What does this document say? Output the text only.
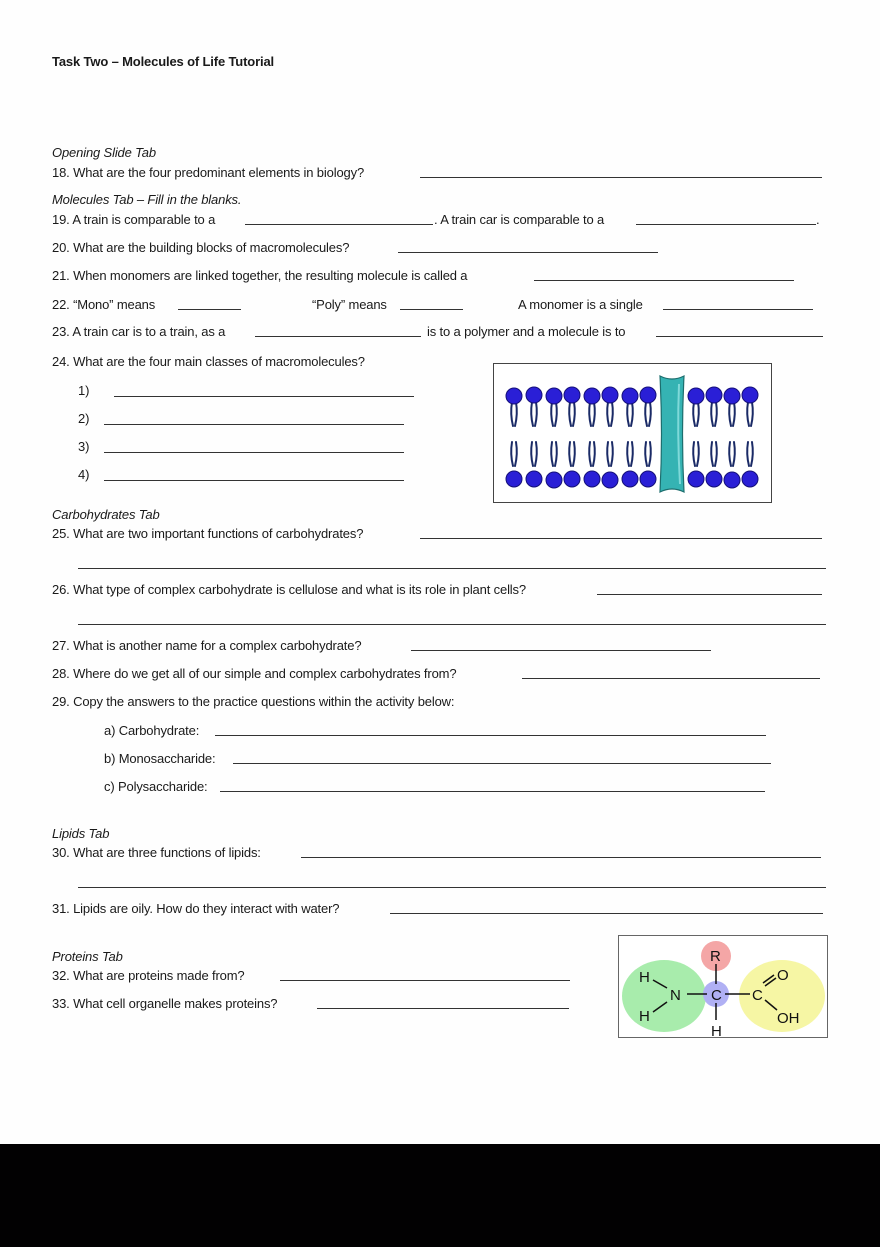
Task Two – Molecules of Life Tutorial
Opening Slide Tab
18. What are the four predominant elements in biology?
Molecules Tab – Fill in the blanks.
19. A train is comparable to a	. A train car is comparable to a	.
20. What are the building blocks of macromolecules?
21. When monomers are linked together, the resulting molecule is called a
22. “Mono” means	“Poly” means	A monomer is a single
23. A train car is to a train, as a	is to a polymer and a molecule is to
24. What are the four main classes of macromolecules?
1)
2)
3)
4)
Carbohydrates Tab
25. What are two important functions of carbohydrates?
26. What type of complex carbohydrate is cellulose and what is its role in plant cells?
27. What is another name for a complex carbohydrate?
28. Where do we get all of our simple and complex carbohydrates from?
29. Copy the answers to the practice questions within the activity below:
a) Carbohydrate:
b) Monosaccharide:
c) Polysaccharide:
Lipids Tab
30. What are three functions of lipids:
31. Lipids are oily. How do they interact with water?
Proteins Tab
32. What are proteins made from?
33. What cell organelle makes proteins?
R
H
N
H
C
H
C
O
OH
